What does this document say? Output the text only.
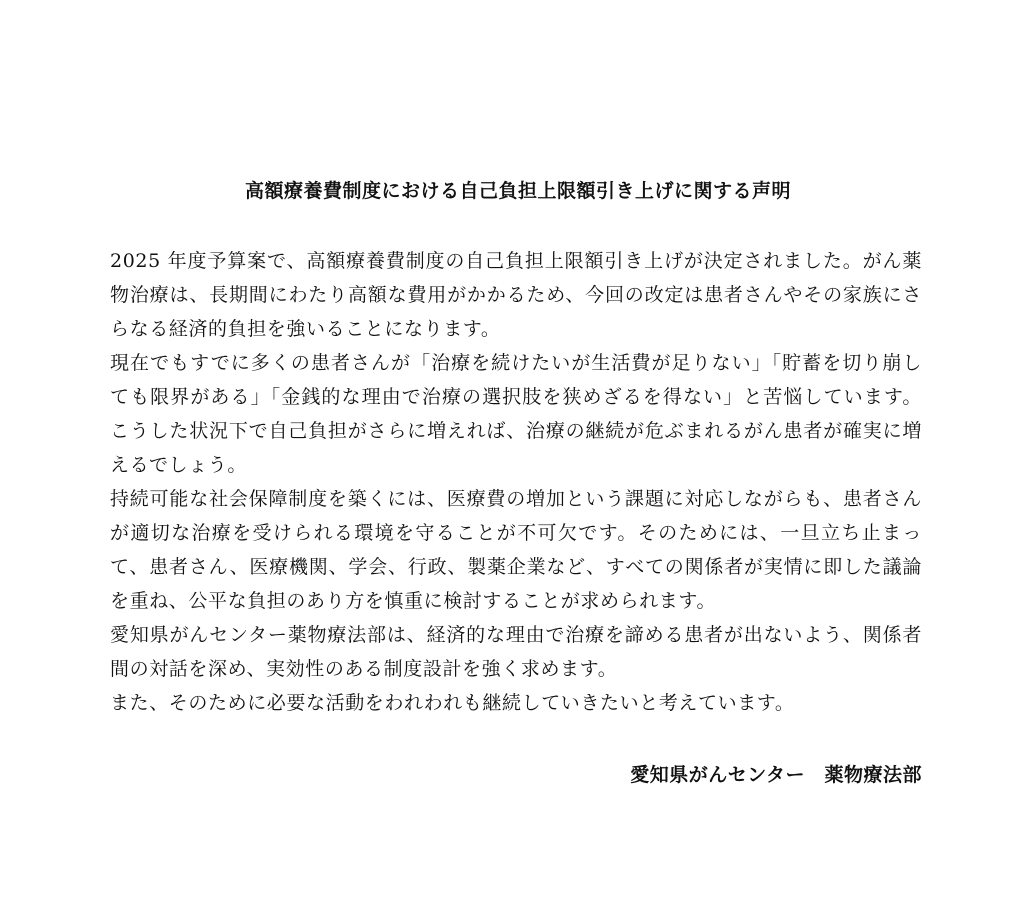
高額療養費制度における自己負担上限額引き上げに関する声明

2025 年度予算案で、高額療養費制度の自己負担上限額引き上げが決定されました。がん薬物治療は、長期間にわたり高額な費用がかかるため、今回の改定は患者さんやその家族にさらなる経済的負担を強いることになります。

現在でもすでに多くの患者さんが「治療を続けたいが生活費が足りない」「貯蓄を切り崩しても限界がある」「金銭的な理由で治療の選択肢を狭めざるを得ない」と苦悩しています。こうした状況下で自己負担がさらに増えれば、治療の継続が危ぶまれるがん患者が確実に増えるでしょう。

持続可能な社会保障制度を築くには、医療費の増加という課題に対応しながらも、患者さんが適切な治療を受けられる環境を守ることが不可欠です。そのためには、一旦立ち止まって、患者さん、医療機関、学会、行政、製薬企業など、すべての関係者が実情に即した議論を重ね、公平な負担のあり方を慎重に検討することが求められます。

愛知県がんセンター薬物療法部は、経済的な理由で治療を諦める患者が出ないよう、関係者間の対話を深め、実効性のある制度設計を強く求めます。

また、そのために必要な活動をわれわれも継続していきたいと考えています。

愛知県がんセンター　薬物療法部
